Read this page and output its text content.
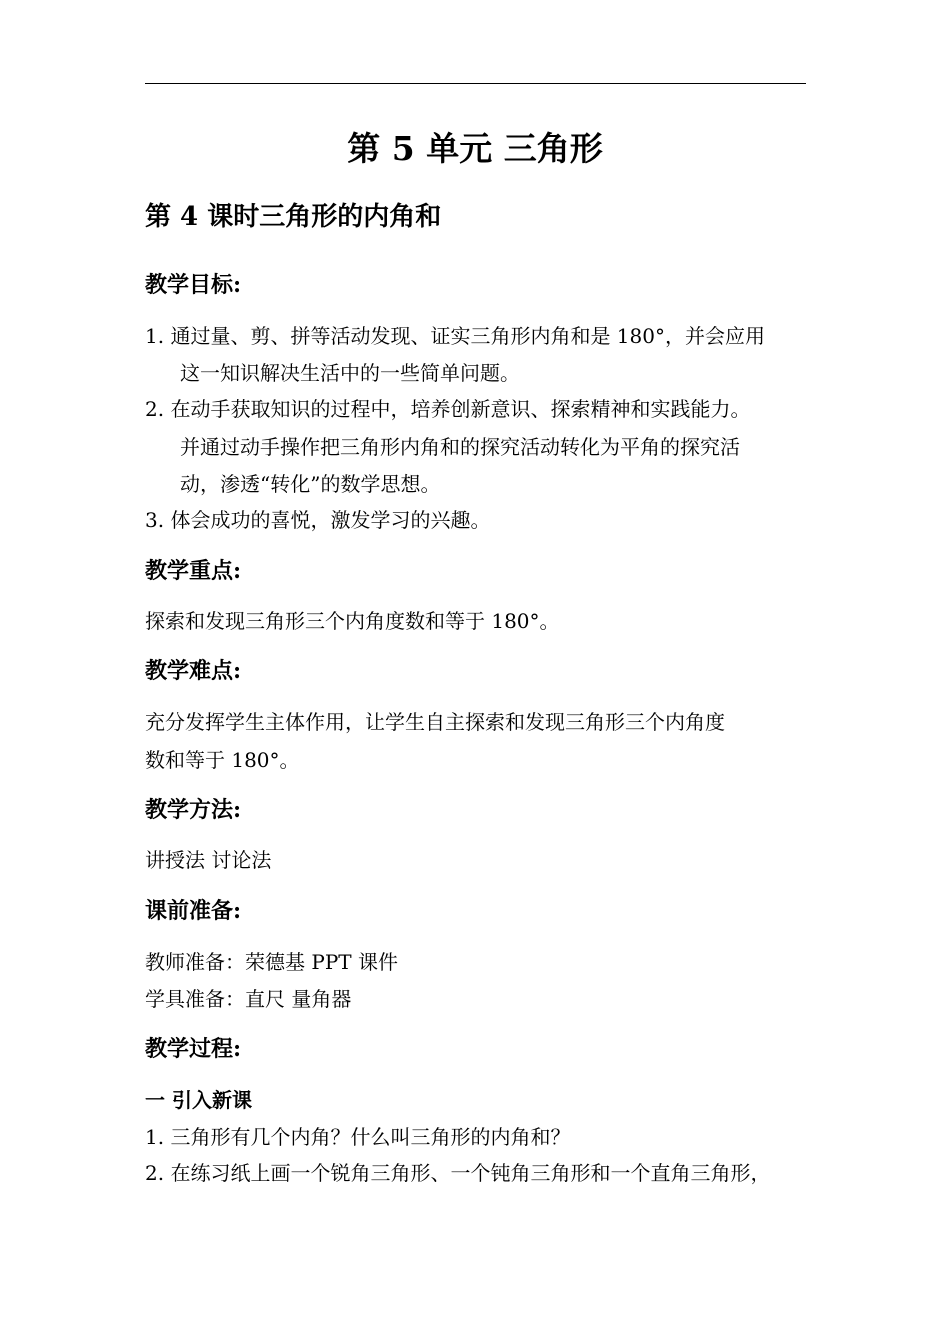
第 5 单元 三角形
第 4 课时三角形的内角和
教学目标:
1. 通过量、剪、拼等活动发现、证实三角形内角和是 180°，并会应用
这一知识解决生活中的一些简单问题。
2. 在动手获取知识的过程中，培养创新意识、探索精神和实践能力。
并通过动手操作把三角形内角和的探究活动转化为平角的探究活
动，渗透“转化”的数学思想。
3. 体会成功的喜悦，激发学习的兴趣。
教学重点:
探索和发现三角形三个内角度数和等于 180°。
教学难点:
充分发挥学生主体作用，让学生自主探索和发现三角形三个内角度
数和等于 180°。
教学方法:
讲授法 讨论法
课前准备:
教师准备：荣德基 PPT 课件
学具准备：直尺 量角器
教学过程:
一 引入新课
1. 三角形有几个内角？什么叫三角形的内角和？
2. 在练习纸上画一个锐角三角形、一个钝角三角形和一个直角三角形，
